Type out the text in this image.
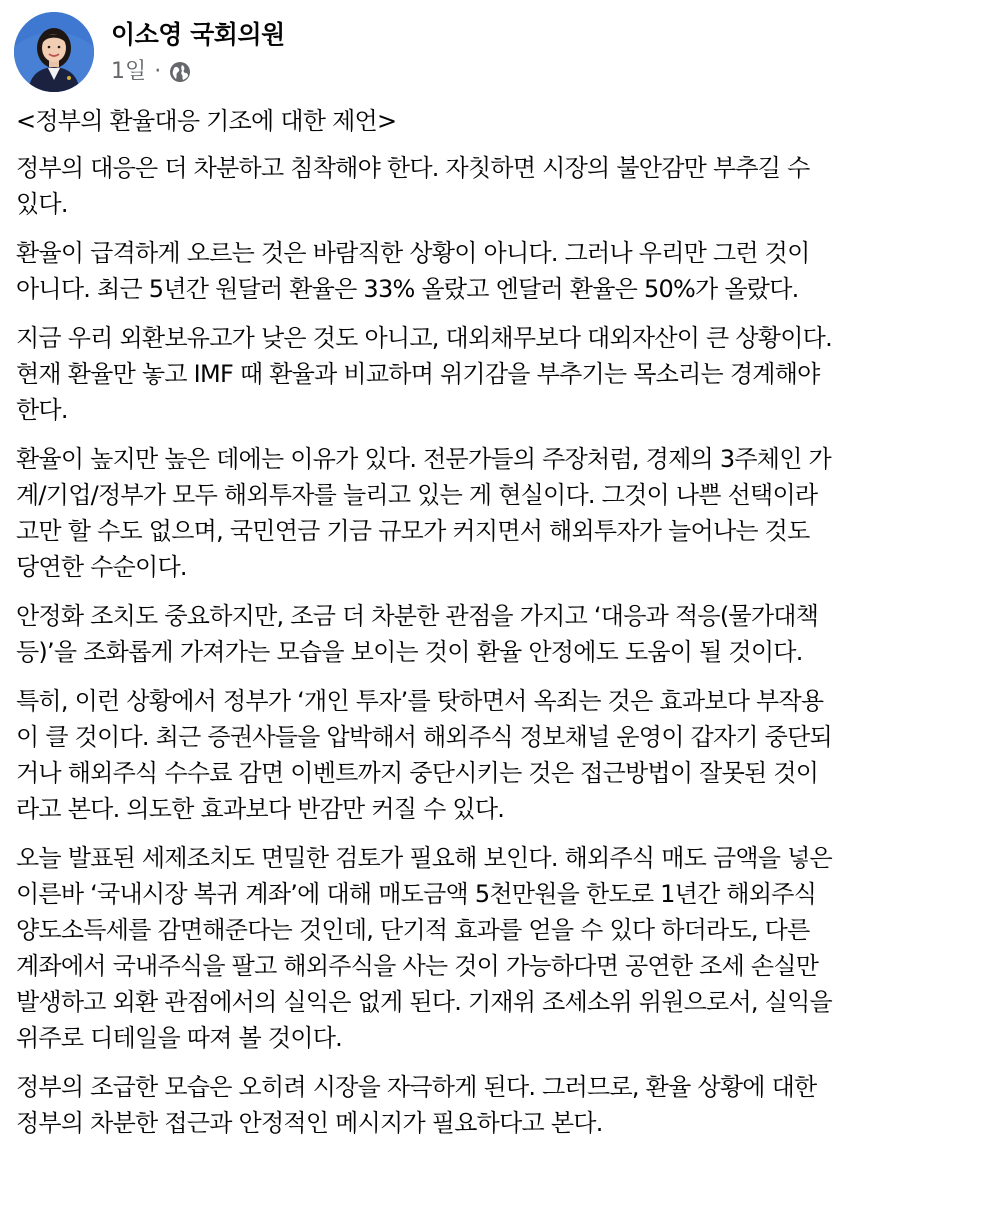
이소영 국회의원
1일 ·

<정부의 환율대응 기조에 대한 제언>

정부의 대응은 더 차분하고 침착해야 한다. 자칫하면 시장의 불안감만 부추길 수
있다.

환율이 급격하게 오르는 것은 바람직한 상황이 아니다. 그러나 우리만 그런 것이
아니다. 최근 5년간 원달러 환율은 33% 올랐고 엔달러 환율은 50%가 올랐다.

지금 우리 외환보유고가 낮은 것도 아니고, 대외채무보다 대외자산이 큰 상황이다.
현재 환율만 놓고 IMF 때 환율과 비교하며 위기감을 부추기는 목소리는 경계해야
한다.

환율이 높지만 높은 데에는 이유가 있다. 전문가들의 주장처럼, 경제의 3주체인 가
계/기업/정부가 모두 해외투자를 늘리고 있는 게 현실이다. 그것이 나쁜 선택이라
고만 할 수도 없으며, 국민연금 기금 규모가 커지면서 해외투자가 늘어나는 것도
당연한 수순이다.

안정화 조치도 중요하지만, 조금 더 차분한 관점을 가지고 ‘대응과 적응(물가대책
등)’을 조화롭게 가져가는 모습을 보이는 것이 환율 안정에도 도움이 될 것이다.

특히, 이런 상황에서 정부가 ‘개인 투자’를 탓하면서 옥죄는 것은 효과보다 부작용
이 클 것이다. 최근 증권사들을 압박해서 해외주식 정보채널 운영이 갑자기 중단되
거나 해외주식 수수료 감면 이벤트까지 중단시키는 것은 접근방법이 잘못된 것이
라고 본다. 의도한 효과보다 반감만 커질 수 있다.

오늘 발표된 세제조치도 면밀한 검토가 필요해 보인다. 해외주식 매도 금액을 넣은
이른바 ‘국내시장 복귀 계좌’에 대해 매도금액 5천만원을 한도로 1년간 해외주식
양도소득세를 감면해준다는 것인데, 단기적 효과를 얻을 수 있다 하더라도, 다른
계좌에서 국내주식을 팔고 해외주식을 사는 것이 가능하다면 공연한 조세 손실만
발생하고 외환 관점에서의 실익은 없게 된다. 기재위 조세소위 위원으로서, 실익을
위주로 디테일을 따져 볼 것이다.

정부의 조급한 모습은 오히려 시장을 자극하게 된다. 그러므로, 환율 상황에 대한
정부의 차분한 접근과 안정적인 메시지가 필요하다고 본다.
